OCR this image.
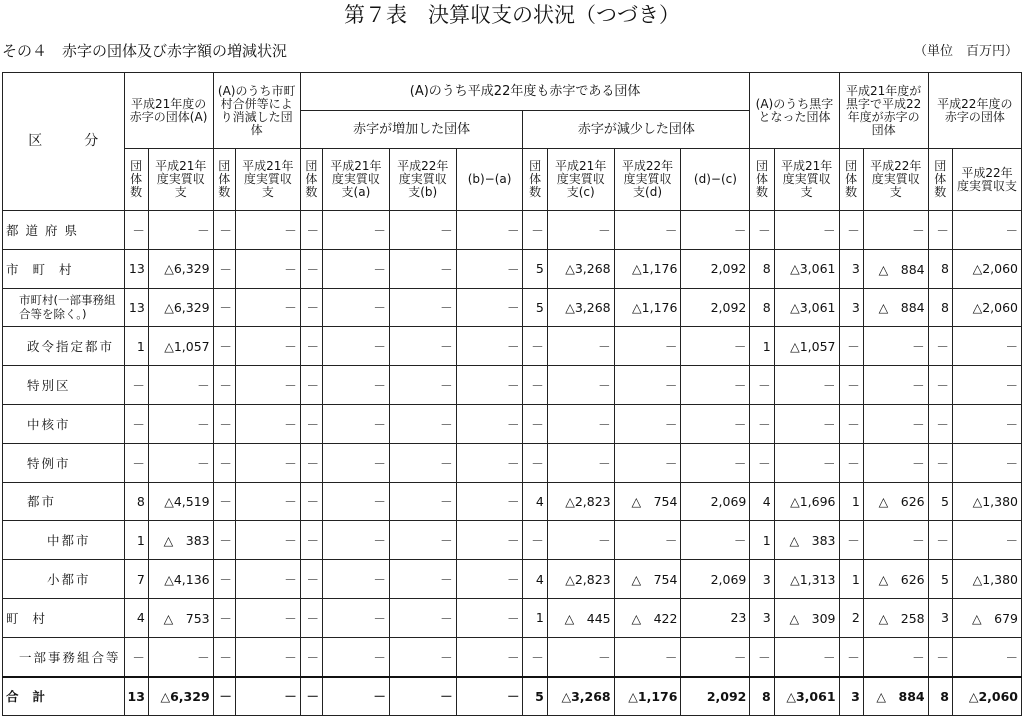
第７表　決算収支の状況（つづき）
その４　赤字の団体及び赤字額の増減状況	（単位　百万円）
区　　　分	平成21年度の赤字の団体(A)		(A)のうち市町村合併等により消滅した団体		(A)のうち平成22年度も赤字である団体								(A)のうち黒字となった団体		平成21年度が黒字で平成22年度が赤字の団体		平成22年度の赤字の団体	
					赤字が増加した団体				赤字が減少した団体									
	団体数	平成21年度実質収支	団体数	平成21年度実質収支	団体数	平成21年度実質収支(a)	平成22年度実質収支(b)	(b)−(a)	団体数	平成21年度実質収支(c)	平成22年度実質収支(d)	(d)−(c)	団体数	平成21年度実質収支	団体数	平成22年度実質収支	団体数	平成22年度実質収支
都道府県	－	－	－	－	－	－	－	－	－	－	－	－	－	－	－	－	－	－
市町村	13	△6,329	－	－	－	－	－	－	5	△3,268	△1,176	2,092	8	△3,061	3	△　884	8	△2,060
市町村(一部事務組合等を除く。)	13	△6,329	－	－	－	－	－	－	5	△3,268	△1,176	2,092	8	△3,061	3	△　884	8	△2,060
政令指定都市	1	△1,057	－	－	－	－	－	－	－	－	－	－	1	△1,057	－	－	－	－
特別区	－	－	－	－	－	－	－	－	－	－	－	－	－	－	－	－	－	－
中核市	－	－	－	－	－	－	－	－	－	－	－	－	－	－	－	－	－	－
特例市	－	－	－	－	－	－	－	－	－	－	－	－	－	－	－	－	－	－
都市	8	△4,519	－	－	－	－	－	－	4	△2,823	△　754	2,069	4	△1,696	1	△　626	5	△1,380
中都市	1	△　383	－	－	－	－	－	－	－	－	－	－	1	△　383	－	－	－	－
小都市	7	△4,136	－	－	－	－	－	－	4	△2,823	△　754	2,069	3	△1,313	1	△　626	5	△1,380
町村	4	△　753	－	－	－	－	－	－	1	△　445	△　422	23	3	△　309	2	△　258	3	△　679
一部事務組合等	－	－	－	－	－	－	－	－	－	－	－	－	－	－	－	－	－	－
合計	13	△6,329	－	－	－	－	－	－	5	△3,268	△1,176	2,092	8	△3,061	3	△　884	8	△2,060
